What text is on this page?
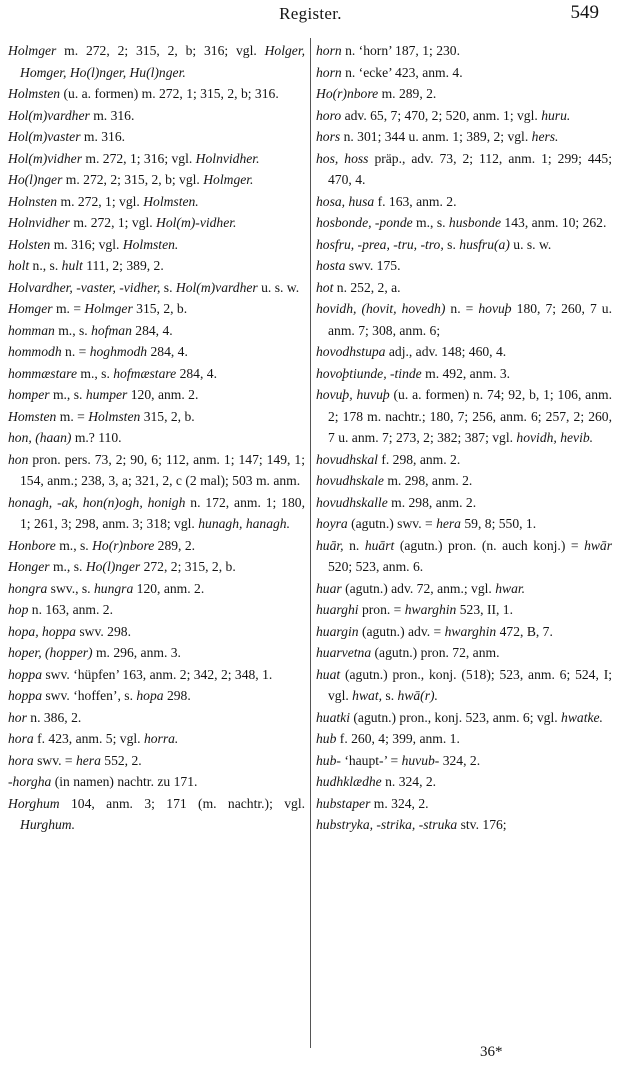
Register.	549

Holmger m. 272, 2; 315, 2, b; 316; vgl. Holger, Homger, Ho(l)nger, Hu(l)nger.

Holmsten (u. a. formen) m. 272, 1; 315, 2, b; 316.

Hol(m)vardher m. 316.

Hol(m)vaster m. 316.

Hol(m)vidher m. 272, 1; 316; vgl. Holnvidher.

Ho(l)nger m. 272, 2; 315, 2, b; vgl. Holmger.

Holnsten m. 272, 1; vgl. Holmsten.

Holnvidher m. 272, 1; vgl. Hol(m)-vidher.

Holsten m. 316; vgl. Holmsten.

holt n., s. hult 111, 2; 389, 2.

Holvardher, -vaster, -vidher, s. Hol(m)vardher u. s. w.

Homger m. = Holmger 315, 2, b.

homman m., s. hofman 284, 4.

hommodh n. = hoghmodh 284, 4.

hommæstare m., s. hofmæstare 284, 4.

homper m., s. humper 120, anm. 2.

Homsten m. = Holmsten 315, 2, b.

hon, (haan) m.? 110.

hon pron. pers. 73, 2; 90, 6; 112, anm. 1; 147; 149, 1; 154, anm.; 238, 3, a; 321, 2, c (2 mal); 503 m. anm.

honagh, -ak, hon(n)ogh, honigh n. 172, anm. 1; 180, 1; 261, 3; 298, anm. 3; 318; vgl. hunagh, hanagh.

Honbore m., s. Ho(r)nbore 289, 2.

Honger m., s. Ho(l)nger 272, 2; 315, 2, b.

hongra swv., s. hungra 120, anm. 2.

hop n. 163, anm. 2.

hopa, hoppa swv. 298.

hoper, (hopper) m. 296, anm. 3.

hoppa swv. ‘hüpfen’ 163, anm. 2; 342, 2; 348, 1.

hoppa swv. ‘hoffen’, s. hopa 298.

hor n. 386, 2.

hora f. 423, anm. 5; vgl. horra.

hora swv. = hera 552, 2.

-horgha (in namen) nachtr. zu 171.

Horghum 104, anm. 3; 171 (m. nachtr.); vgl. Hurghum.

horn n. ‘horn’ 187, 1; 230.

horn n. ‘ecke’ 423, anm. 4.

Ho(r)nbore m. 289, 2.

horo adv. 65, 7; 470, 2; 520, anm. 1; vgl. huru.

hors n. 301; 344 u. anm. 1; 389, 2; vgl. hers.

hos, hoss präp., adv. 73, 2; 112, anm. 1; 299; 445; 470, 4.

hosa, husa f. 163, anm. 2.

hosbonde, -ponde m., s. husbonde 143, anm. 10; 262.

hosfru, -prea, -tru, -tro, s. husfru(a) u. s. w.

hosta swv. 175.

hot n. 252, 2, a.

hovidh, (hovit, hovedh) n. = hovuþ 180, 7; 260, 7 u. anm. 7; 308, anm. 6;

hovodhstupa adj., adv. 148; 460, 4.

hovoþtiunde, -tinde m. 492, anm. 3.

hovuþ, huvuþ (u. a. formen) n. 74; 92, b, 1; 106, anm. 2; 178 m. nachtr.; 180, 7; 256, anm. 6; 257, 2; 260, 7 u. anm. 7; 273, 2; 382; 387; vgl. hovidh, hevib.

hovudhskal f. 298, anm. 2.

hovudhskale m. 298, anm. 2.

hovudhskalle m. 298, anm. 2.

hoyra (agutn.) swv. = hera 59, 8; 550, 1.

huār, n. huārt (agutn.) pron. (n. auch konj.) = hwār 520; 523, anm. 6.

huar (agutn.) adv. 72, anm.; vgl. hwar.

huarghi pron. = hwarghin 523, II, 1.

huargin (agutn.) adv. = hwarghin 472, B, 7.

huarvetna (agutn.) pron. 72, anm.

huat (agutn.) pron., konj. (518); 523, anm. 6; 524, I; vgl. hwat, s. hwā(r).

huatki (agutn.) pron., konj. 523, anm. 6; vgl. hwatke.

hub f. 260, 4; 399, anm. 1.

hub- ‘haupt-’ = huvub- 324, 2.

hudhklædhe n. 324, 2.

hubstaper m. 324, 2.

hubstryka, -strika, -struka stv. 176;

36*
